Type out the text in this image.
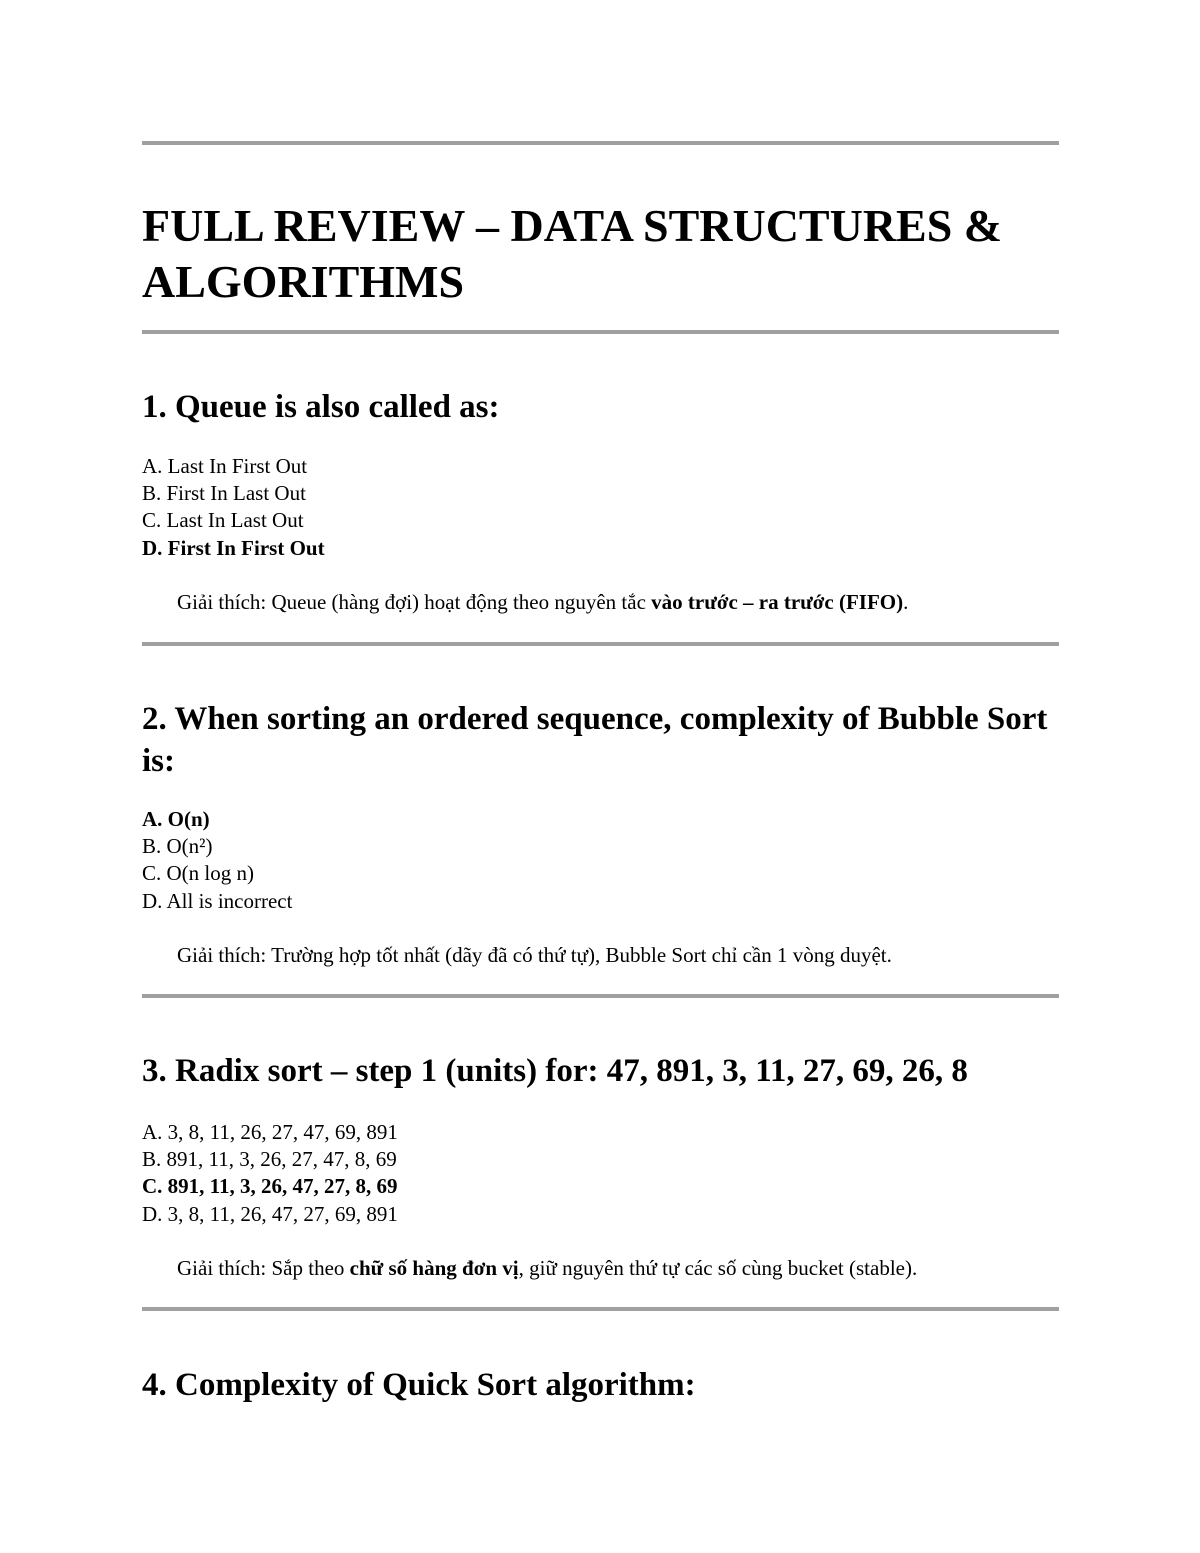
FULL REVIEW – DATA STRUCTURES & ALGORITHMS
1. Queue is also called as:
A. Last In First Out
B. First In Last Out
C. Last In Last Out
D. First In First Out

Giải thích: Queue (hàng đợi) hoạt động theo nguyên tắc vào trước – ra trước (FIFO).

2. When sorting an ordered sequence, complexity of Bubble Sort is:
A. O(n)
B. O(n²)
C. O(n log n)
D. All is incorrect

Giải thích: Trường hợp tốt nhất (dãy đã có thứ tự), Bubble Sort chỉ cần 1 vòng duyệt.

3. Radix sort – step 1 (units) for: 47, 891, 3, 11, 27, 69, 26, 8
A. 3, 8, 11, 26, 27, 47, 69, 891
B. 891, 11, 3, 26, 27, 47, 8, 69
C. 891, 11, 3, 26, 47, 27, 8, 69
D. 3, 8, 11, 26, 47, 27, 69, 891

Giải thích: Sắp theo chữ số hàng đơn vị, giữ nguyên thứ tự các số cùng bucket (stable).

4. Complexity of Quick Sort algorithm:
